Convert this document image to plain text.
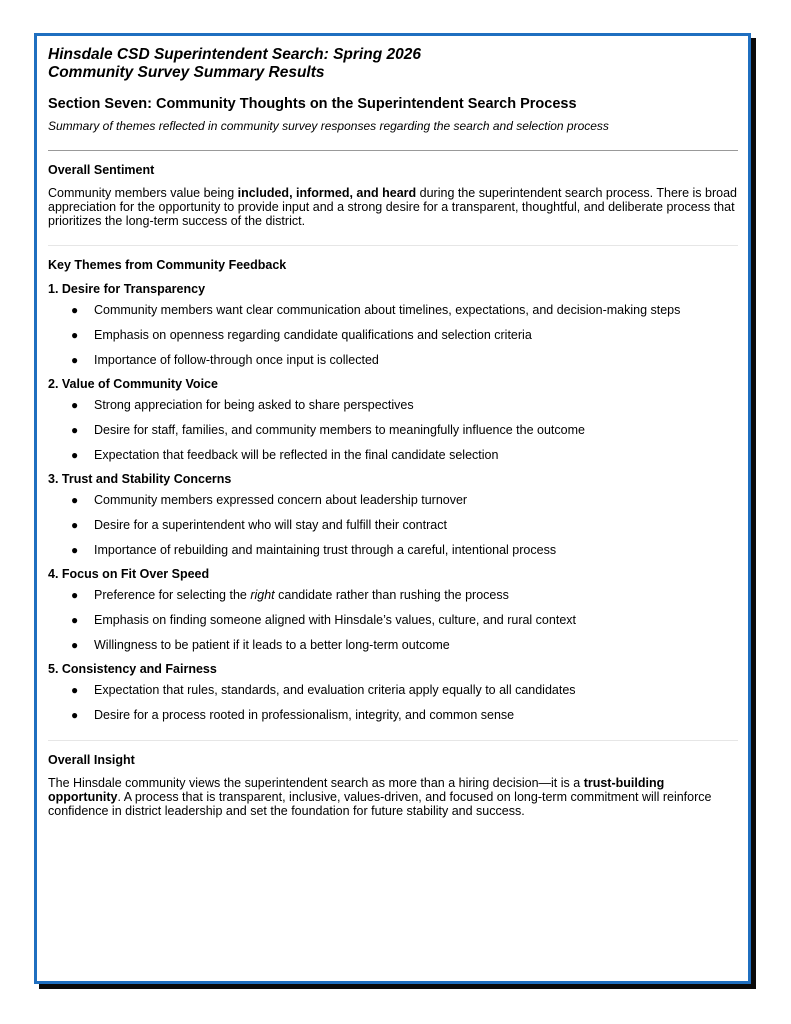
Hinsdale CSD Superintendent Search: Spring 2026
Community Survey Summary Results
Section Seven: Community Thoughts on the Superintendent Search Process

Summary of themes reflected in community survey responses regarding the search and selection process

Overall Sentiment

Community members value being included, informed, and heard during the superintendent search process. There is broad appreciation for the opportunity to provide input and a strong desire for a transparent, thoughtful, and deliberate process that prioritizes the long-term success of the district.

Key Themes from Community Feedback
1. Desire for Transparency
● Community members want clear communication about timelines, expectations, and decision-making steps
● Emphasis on openness regarding candidate qualifications and selection criteria
● Importance of follow-through once input is collected
2. Value of Community Voice
● Strong appreciation for being asked to share perspectives
● Desire for staff, families, and community members to meaningfully influence the outcome
● Expectation that feedback will be reflected in the final candidate selection
3. Trust and Stability Concerns
● Community members expressed concern about leadership turnover
● Desire for a superintendent who will stay and fulfill their contract
● Importance of rebuilding and maintaining trust through a careful, intentional process
4. Focus on Fit Over Speed
● Preference for selecting the right candidate rather than rushing the process
● Emphasis on finding someone aligned with Hinsdale’s values, culture, and rural context
● Willingness to be patient if it leads to a better long-term outcome
5. Consistency and Fairness
● Expectation that rules, standards, and evaluation criteria apply equally to all candidates
● Desire for a process rooted in professionalism, integrity, and common sense
Overall Insight

The Hinsdale community views the superintendent search as more than a hiring decision—it is a trust-building opportunity. A process that is transparent, inclusive, values-driven, and focused on long-term commitment will reinforce confidence in district leadership and set the foundation for future stability and success.
